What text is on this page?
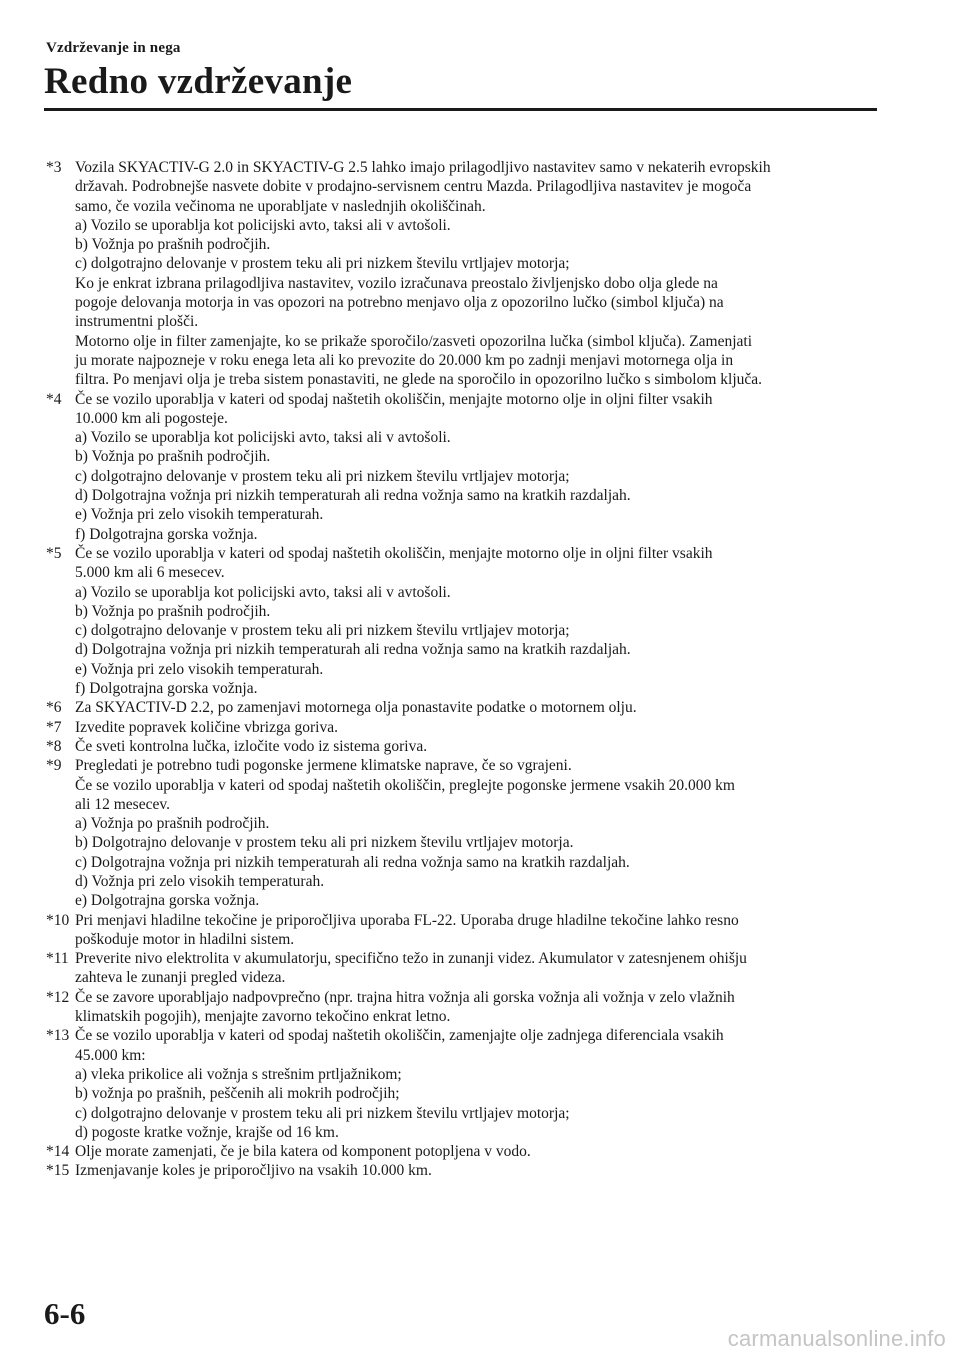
Vzdrževanje in nega
Redno vzdrževanje
*3 Vozila SKYACTIV-G 2.0 in SKYACTIV-G 2.5 lahko imajo prilagodljivo nastavitev samo v nekaterih evropskih
državah. Podrobnejše nasvete dobite v prodajno-servisnem centru Mazda. Prilagodljiva nastavitev je mogoča
samo, če vozila večinoma ne uporabljate v naslednjih okoliščinah.
a) Vozilo se uporablja kot policijski avto, taksi ali v avtošoli.
b) Vožnja po prašnih področjih.
c) dolgotrajno delovanje v prostem teku ali pri nizkem številu vrtljajev motorja;
Ko je enkrat izbrana prilagodljiva nastavitev, vozilo izračunava preostalo življenjsko dobo olja glede na
pogoje delovanja motorja in vas opozori na potrebno menjavo olja z opozorilno lučko (simbol ključa) na
instrumentni plošči.
Motorno olje in filter zamenjajte, ko se prikaže sporočilo/zasveti opozorilna lučka (simbol ključa). Zamenjati
ju morate najpozneje v roku enega leta ali ko prevozite do 20.000 km po zadnji menjavi motornega olja in
filtra. Po menjavi olja je treba sistem ponastaviti, ne glede na sporočilo in opozorilno lučko s simbolom ključa.
*4 Če se vozilo uporablja v kateri od spodaj naštetih okoliščin, menjajte motorno olje in oljni filter vsakih
10.000 km ali pogosteje.
a) Vozilo se uporablja kot policijski avto, taksi ali v avtošoli.
b) Vožnja po prašnih področjih.
c) dolgotrajno delovanje v prostem teku ali pri nizkem številu vrtljajev motorja;
d) Dolgotrajna vožnja pri nizkih temperaturah ali redna vožnja samo na kratkih razdaljah.
e) Vožnja pri zelo visokih temperaturah.
f) Dolgotrajna gorska vožnja.
*5 Če se vozilo uporablja v kateri od spodaj naštetih okoliščin, menjajte motorno olje in oljni filter vsakih
5.000 km ali 6 mesecev.
a) Vozilo se uporablja kot policijski avto, taksi ali v avtošoli.
b) Vožnja po prašnih področjih.
c) dolgotrajno delovanje v prostem teku ali pri nizkem številu vrtljajev motorja;
d) Dolgotrajna vožnja pri nizkih temperaturah ali redna vožnja samo na kratkih razdaljah.
e) Vožnja pri zelo visokih temperaturah.
f) Dolgotrajna gorska vožnja.
*6 Za SKYACTIV-D 2.2, po zamenjavi motornega olja ponastavite podatke o motornem olju.
*7 Izvedite popravek količine vbrizga goriva.
*8 Če sveti kontrolna lučka, izločite vodo iz sistema goriva.
*9 Pregledati je potrebno tudi pogonske jermene klimatske naprave, če so vgrajeni.
Če se vozilo uporablja v kateri od spodaj naštetih okoliščin, preglejte pogonske jermene vsakih 20.000 km
ali 12 mesecev.
a) Vožnja po prašnih področjih.
b) Dolgotrajno delovanje v prostem teku ali pri nizkem številu vrtljajev motorja.
c) Dolgotrajna vožnja pri nizkih temperaturah ali redna vožnja samo na kratkih razdaljah.
d) Vožnja pri zelo visokih temperaturah.
e) Dolgotrajna gorska vožnja.
*10 Pri menjavi hladilne tekočine je priporočljiva uporaba FL-22. Uporaba druge hladilne tekočine lahko resno
poškoduje motor in hladilni sistem.
*11 Preverite nivo elektrolita v akumulatorju, specifično težo in zunanji videz. Akumulator v zatesnjenem ohišju
zahteva le zunanji pregled videza.
*12 Če se zavore uporabljajo nadpovprečno (npr. trajna hitra vožnja ali gorska vožnja ali vožnja v zelo vlažnih
klimatskih pogojih), menjajte zavorno tekočino enkrat letno.
*13 Če se vozilo uporablja v kateri od spodaj naštetih okoliščin, zamenjajte olje zadnjega diferenciala vsakih
45.000 km:
a) vleka prikolice ali vožnja s strešnim prtljažnikom;
b) vožnja po prašnih, peščenih ali mokrih področjih;
c) dolgotrajno delovanje v prostem teku ali pri nizkem številu vrtljajev motorja;
d) pogoste kratke vožnje, krajše od 16 km.
*14 Olje morate zamenjati, če je bila katera od komponent potopljena v vodo.
*15 Izmenjavanje koles je priporočljivo na vsakih 10.000 km.
6-6
carmanualsonline.info
